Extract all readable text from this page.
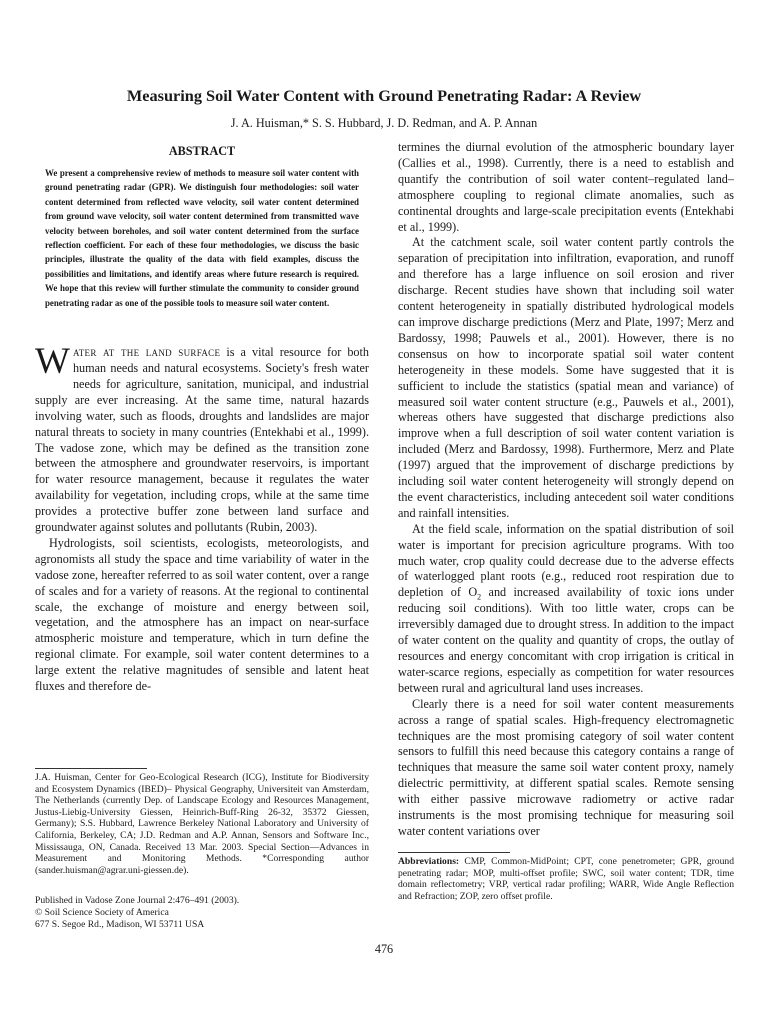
Measuring Soil Water Content with Ground Penetrating Radar: A Review
J. A. Huisman,* S. S. Hubbard, J. D. Redman, and A. P. Annan
ABSTRACT

We present a comprehensive review of methods to measure soil water content with ground penetrating radar (GPR). We distinguish four methodologies: soil water content determined from reflected wave velocity, soil water content determined from ground wave velocity, soil water content determined from transmitted wave velocity between boreholes, and soil water content determined from the surface reflection coefficient. For each of these four methodologies, we discuss the basic principles, illustrate the quality of the data with field examples, discuss the possibilities and limitations, and identify areas where future research is required. We hope that this review will further stimulate the community to consider ground penetrating radar as one of the possible tools to measure soil water content.

Water at the land surface is a vital resource for both human needs and natural ecosystems. Society's fresh water needs for agriculture, sanitation, municipal, and industrial supply are ever increasing. At the same time, natural hazards involving water, such as floods, droughts and landslides are major natural threats to society in many countries (Entekhabi et al., 1999). The vadose zone, which may be defined as the transition zone between the atmosphere and groundwater reservoirs, is important for water resource management, because it regulates the water availability for vegetation, including crops, while at the same time provides a protective buffer zone between land surface and groundwater against solutes and pollutants (Rubin, 2003).

Hydrologists, soil scientists, ecologists, meteorologists, and agronomists all study the space and time variability of water in the vadose zone, hereafter referred to as soil water content, over a range of scales and for a variety of reasons. At the regional to continental scale, the exchange of moisture and energy between soil, vegetation, and the atmosphere has an impact on near-surface atmospheric moisture and temperature, which in turn define the regional climate. For example, soil water content determines to a large extent the relative magnitudes of sensible and latent heat fluxes and therefore de-

J.A. Huisman, Center for Geo-Ecological Research (ICG), Institute for Biodiversity and Ecosystem Dynamics (IBED)– Physical Geography, Universiteit van Amsterdam, The Netherlands (currently Dep. of Landscape Ecology and Resources Management, Justus-Liebig-University Giessen, Heinrich-Buff-Ring 26-32, 35372 Giessen, Germany); S.S. Hubbard, Lawrence Berkeley National Laboratory and University of California, Berkeley, CA; J.D. Redman and A.P. Annan, Sensors and Software Inc., Mississauga, ON, Canada. Received 13 Mar. 2003. Special Section—Advances in Measurement and Monitoring Methods. *Corresponding author (sander.huisman@agrar.uni-giessen.de).

Published in Vadose Zone Journal 2:476–491 (2003).
© Soil Science Society of America
677 S. Segoe Rd., Madison, WI 53711 USA

termines the diurnal evolution of the atmospheric boundary layer (Callies et al., 1998). Currently, there is a need to establish and quantify the contribution of soil water content–regulated land–atmosphere coupling to regional climate anomalies, such as continental droughts and large-scale precipitation events (Entekhabi et al., 1999).

At the catchment scale, soil water content partly controls the separation of precipitation into infiltration, evaporation, and runoff and therefore has a large influence on soil erosion and river discharge. Recent studies have shown that including soil water content heterogeneity in spatially distributed hydrological models can improve discharge predictions (Merz and Plate, 1997; Merz and Bardossy, 1998; Pauwels et al., 2001). However, there is no consensus on how to incorporate spatial soil water content heterogeneity in these models. Some have suggested that it is sufficient to include the statistics (spatial mean and variance) of measured soil water content structure (e.g., Pauwels et al., 2001), whereas others have suggested that discharge predictions also improve when a full description of soil water content variation is included (Merz and Bardossy, 1998). Furthermore, Merz and Plate (1997) argued that the improvement of discharge predictions by including soil water content heterogeneity will strongly depend on the event characteristics, including antecedent soil water conditions and rainfall intensities.

At the field scale, information on the spatial distribution of soil water is important for precision agriculture programs. With too much water, crop quality could decrease due to the adverse effects of waterlogged plant roots (e.g., reduced root respiration due to depletion of $O_2$ and increased availability of toxic ions under reducing soil conditions). With too little water, crops can be irreversibly damaged due to drought stress. In addition to the impact of water content on the quality and quantity of crops, the outlay of resources and energy concomitant with crop irrigation is critical in water-scarce regions, especially as competition for water resources between rural and agricultural land uses increases.

Clearly there is a need for soil water content measurements across a range of spatial scales. High-frequency electromagnetic techniques are the most promising category of soil water content sensors to fulfill this need because this category contains a range of techniques that measure the same soil water content proxy, namely dielectric permittivity, at different spatial scales. Remote sensing with either passive microwave radiometry or active radar instruments is the most promising technique for measuring soil water content variations over

Abbreviations: CMP, Common-MidPoint; CPT, cone penetrometer; GPR, ground penetrating radar; MOP, multi-offset profile; SWC, soil water content; TDR, time domain reflectometry; VRP, vertical radar profiling; WARR, Wide Angle Reflection and Refraction; ZOP, zero offset profile.

476
